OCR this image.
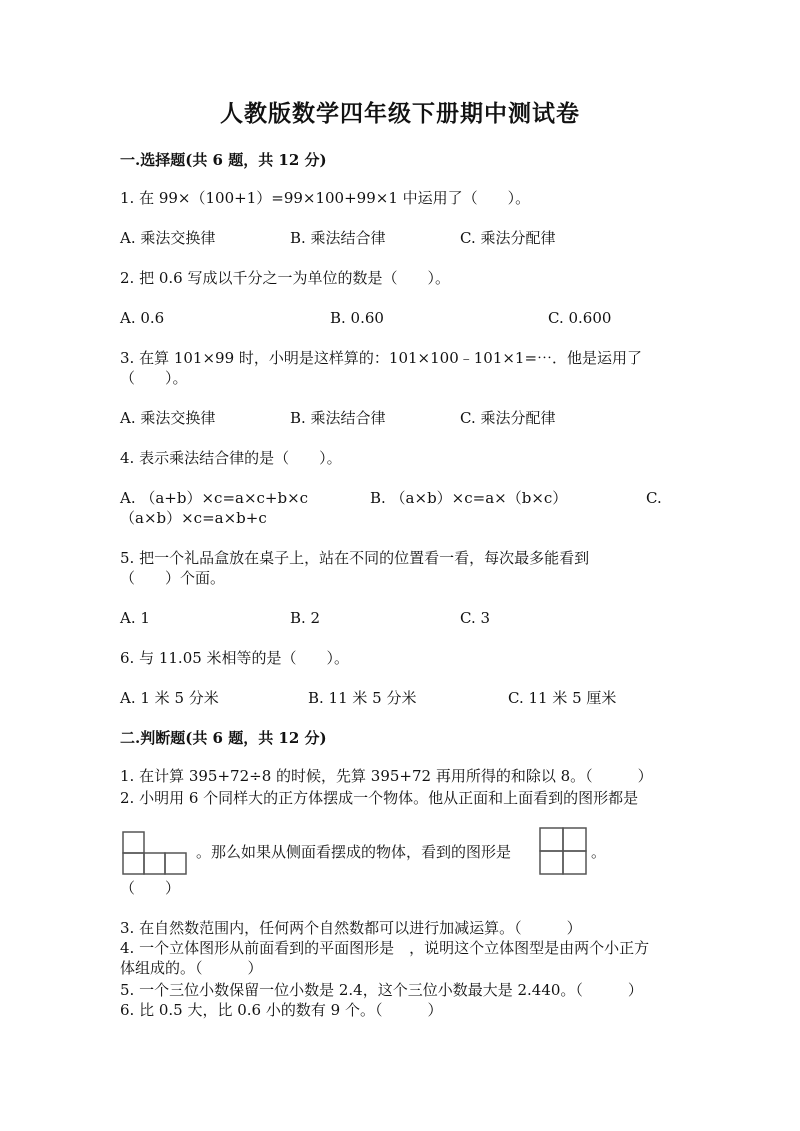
人教版数学四年级下册期中测试卷
一.选择题(共 6 题，共 12 分)
1. 在 99×（100+1）=99×100+99×1 中运用了（　　）。
A. 乘法交换律	B. 乘法结合律	C. 乘法分配律
2. 把 0.6 写成以千分之一为单位的数是（　　）。
A. 0.6	B. 0.60	C. 0.600
3. 在算 101×99 时，小明是这样算的：101×100﹣101×1=⋯．他是运用了
（　　）。
A. 乘法交换律	B. 乘法结合律	C. 乘法分配律
4. 表示乘法结合律的是（　　）。
A. （a+b）×c=a×c+b×c	B. （a×b）×c=a×（b×c）	C.
（a×b）×c=a×b+c
5. 把一个礼品盒放在桌子上，站在不同的位置看一看，每次最多能看到
（　　）个面。
A. 1	B. 2	C. 3
6. 与 11.05 米相等的是（　　）。
A. 1 米 5 分米	B. 11 米 5 分米	C. 11 米 5 厘米
二.判断题(共 6 题，共 12 分)
1. 在计算 395+72÷8 的时候，先算 395+72 再用所得的和除以 8。（　　　）
2. 小明用 6 个同样大的正方体摆成一个物体。他从正面和上面看到的图形都是
。那么如果从侧面看摆成的物体，看到的图形是	。
（　　）
3. 在自然数范围内，任何两个自然数都可以进行加减运算。（　　　）
4. 一个立体图形从前面看到的平面图形是　，说明这个立体图型是由两个小正方
体组成的。（　　　）
5. 一个三位小数保留一位小数是 2.4，这个三位小数最大是 2.440。（　　　）
6. 比 0.5 大，比 0.6 小的数有 9 个。（　　　）
